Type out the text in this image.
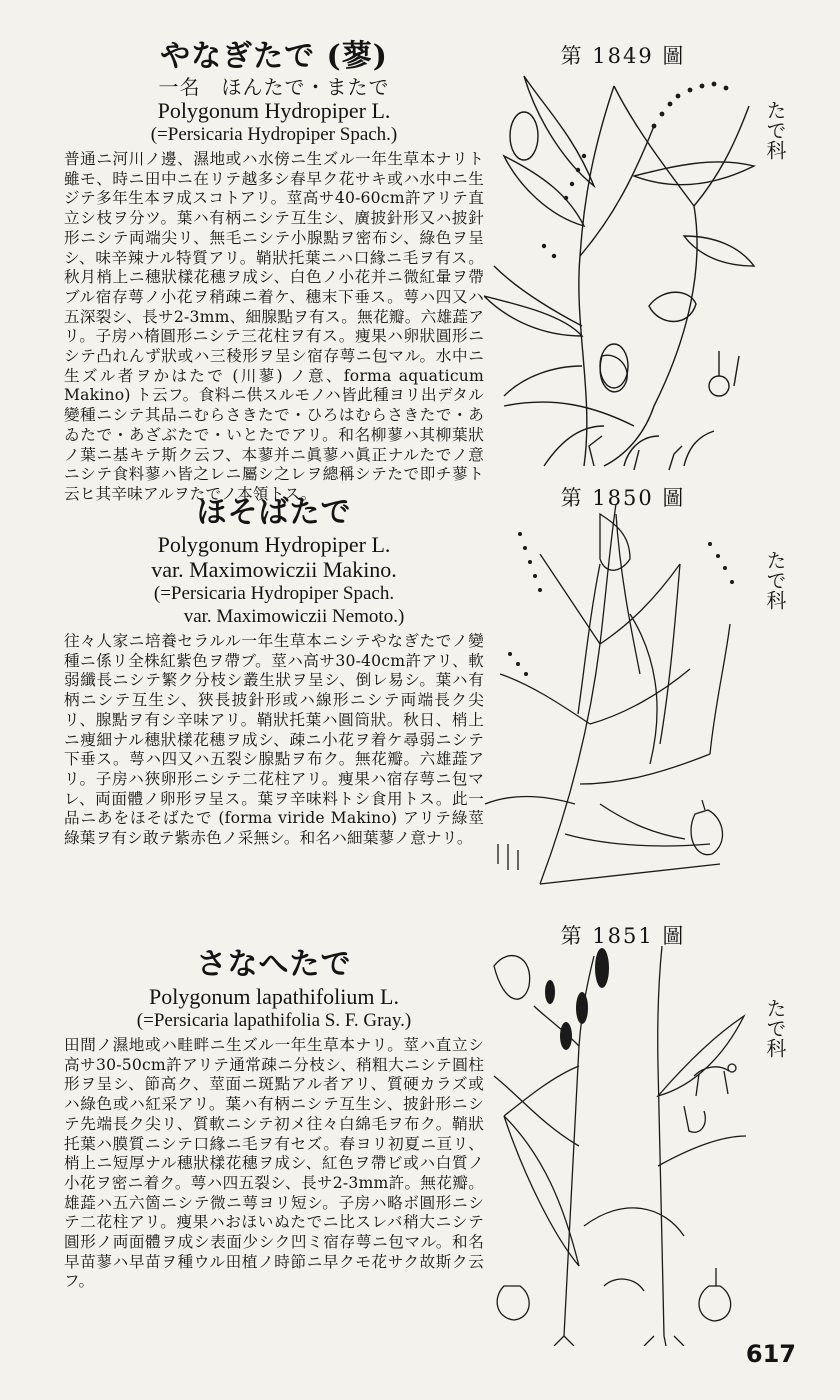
やなぎたで (蓼)

一名　ほんたで・またで

Polygonum Hydropiper L.

(=Persicaria Hydropiper Spach.)

普通ニ河川ノ邊、濕地或ハ水傍ニ生ズル一年生草本ナリト雖モ、時ニ田中ニ在リテ越多シ春早ク花サキ或ハ水中ニ生ジテ多年生本ヲ成スコトアリ。莖高サ40-60cm許アリテ直立シ枝ヲ分ツ。葉ハ有柄ニシテ互生シ、廣披針形又ハ披針形ニシテ両端尖リ、無毛ニシテ小腺點ヲ密布シ、綠色ヲ呈シ、味辛辣ナル特質アリ。鞘狀托葉ニハ口緣ニ毛ヲ有ス。秋月梢上ニ穗狀樣花穗ヲ成シ、白色ノ小花并ニ微紅暈ヲ帶ブル宿存萼ノ小花ヲ稍疎ニ着ケ、穗末下垂ス。萼ハ四又ハ五深裂シ、長サ2-3mm、細腺點ヲ有ス。無花瓣。六雄蕋アリ。子房ハ楕圓形ニシテ三花柱ヲ有ス。痩果ハ卵狀圓形ニシテ凸れんず狀或ハ三稜形ヲ呈シ宿存萼ニ包マル。水中ニ生ズル者ヲかはたで (川蓼) ノ意、forma aquaticum Makino) ト云フ。食料ニ供スルモノハ皆此種ヨリ出デタル變種ニシテ其品ニむらさきたで・ひろはむらさきたで・あゐたで・あざぶたで・いとたでアリ。和名柳蓼ハ其柳葉狀ノ葉ニ基キテ斯ク云フ、本蓼并ニ眞蓼ハ眞正ナルたでノ意ニシテ食料蓼ハ皆之レニ屬シ之レヲ總稱シテたで即チ蓼ト云ヒ其辛味アルヲたでノ本領トス。

第 1849 圖
たで科

ほそばたで

Polygonum Hydropiper L.

var. Maximowiczii Makino.

(=Persicaria Hydropiper Spach.

var. Maximowiczii Nemoto.)

往々人家ニ培養セラルル一年生草本ニシテやなぎたでノ變種ニ係リ全株紅紫色ヲ帶ブ。莖ハ高サ30-40cm許アリ、軟弱纖長ニシテ繁ク分枝シ叢生狀ヲ呈シ、倒レ易シ。葉ハ有柄ニシテ互生シ、狹長披針形或ハ線形ニシテ両端長ク尖リ、腺點ヲ有シ辛味アリ。鞘狀托葉ハ圓筒狀。秋日、梢上ニ痩細ナル穗狀樣花穗ヲ成シ、疎ニ小花ヲ着ケ尋弱ニシテ下垂ス。萼ハ四又ハ五裂シ腺點ヲ布ク。無花瓣。六雄蕋アリ。子房ハ狹卵形ニシテ二花柱アリ。痩果ハ宿存萼ニ包マレ、両面體ノ卵形ヲ呈ス。葉ヲ辛味料トシ食用トス。此一品ニあをほそばたで (forma viride Makino) アリテ綠莖綠葉ヲ有シ敢テ紫赤色ノ采無シ。和名ハ細葉蓼ノ意ナリ。

第 1850 圖
たで科

さなへたで

Polygonum lapathifolium L.

(=Persicaria lapathifolia S. F. Gray.)

田間ノ濕地或ハ畦畔ニ生ズル一年生草本ナリ。莖ハ直立シ高サ30-50cm許アリテ通常疎ニ分枝シ、稍粗大ニシテ圓柱形ヲ呈シ、節高ク、莖面ニ斑點アル者アリ、質硬カラズ或ハ綠色或ハ紅采アリ。葉ハ有柄ニシテ互生シ、披針形ニシテ先端長ク尖リ、質軟ニシテ初メ往々白綿毛ヲ布ク。鞘狀托葉ハ膜質ニシテ口緣ニ毛ヲ有セズ。春ヨリ初夏ニ亘リ、梢上ニ短厚ナル穗狀樣花穗ヲ成シ、紅色ヲ帶ビ或ハ白質ノ小花ヲ密ニ着ク。萼ハ四五裂シ、長サ2-3mm許。無花瓣。雄蕋ハ五六箇ニシテ微ニ萼ヨリ短シ。子房ハ略ボ圓形ニシテ二花柱アリ。痩果ハおほいぬたでニ比スレバ稍大ニシテ圓形ノ両面體ヲ成シ表面少シク凹ミ宿存萼ニ包マル。和名早苗蓼ハ早苗ヲ種ウル田植ノ時節ニ早クモ花サク故斯ク云フ。

第 1851 圖
たで科
617
